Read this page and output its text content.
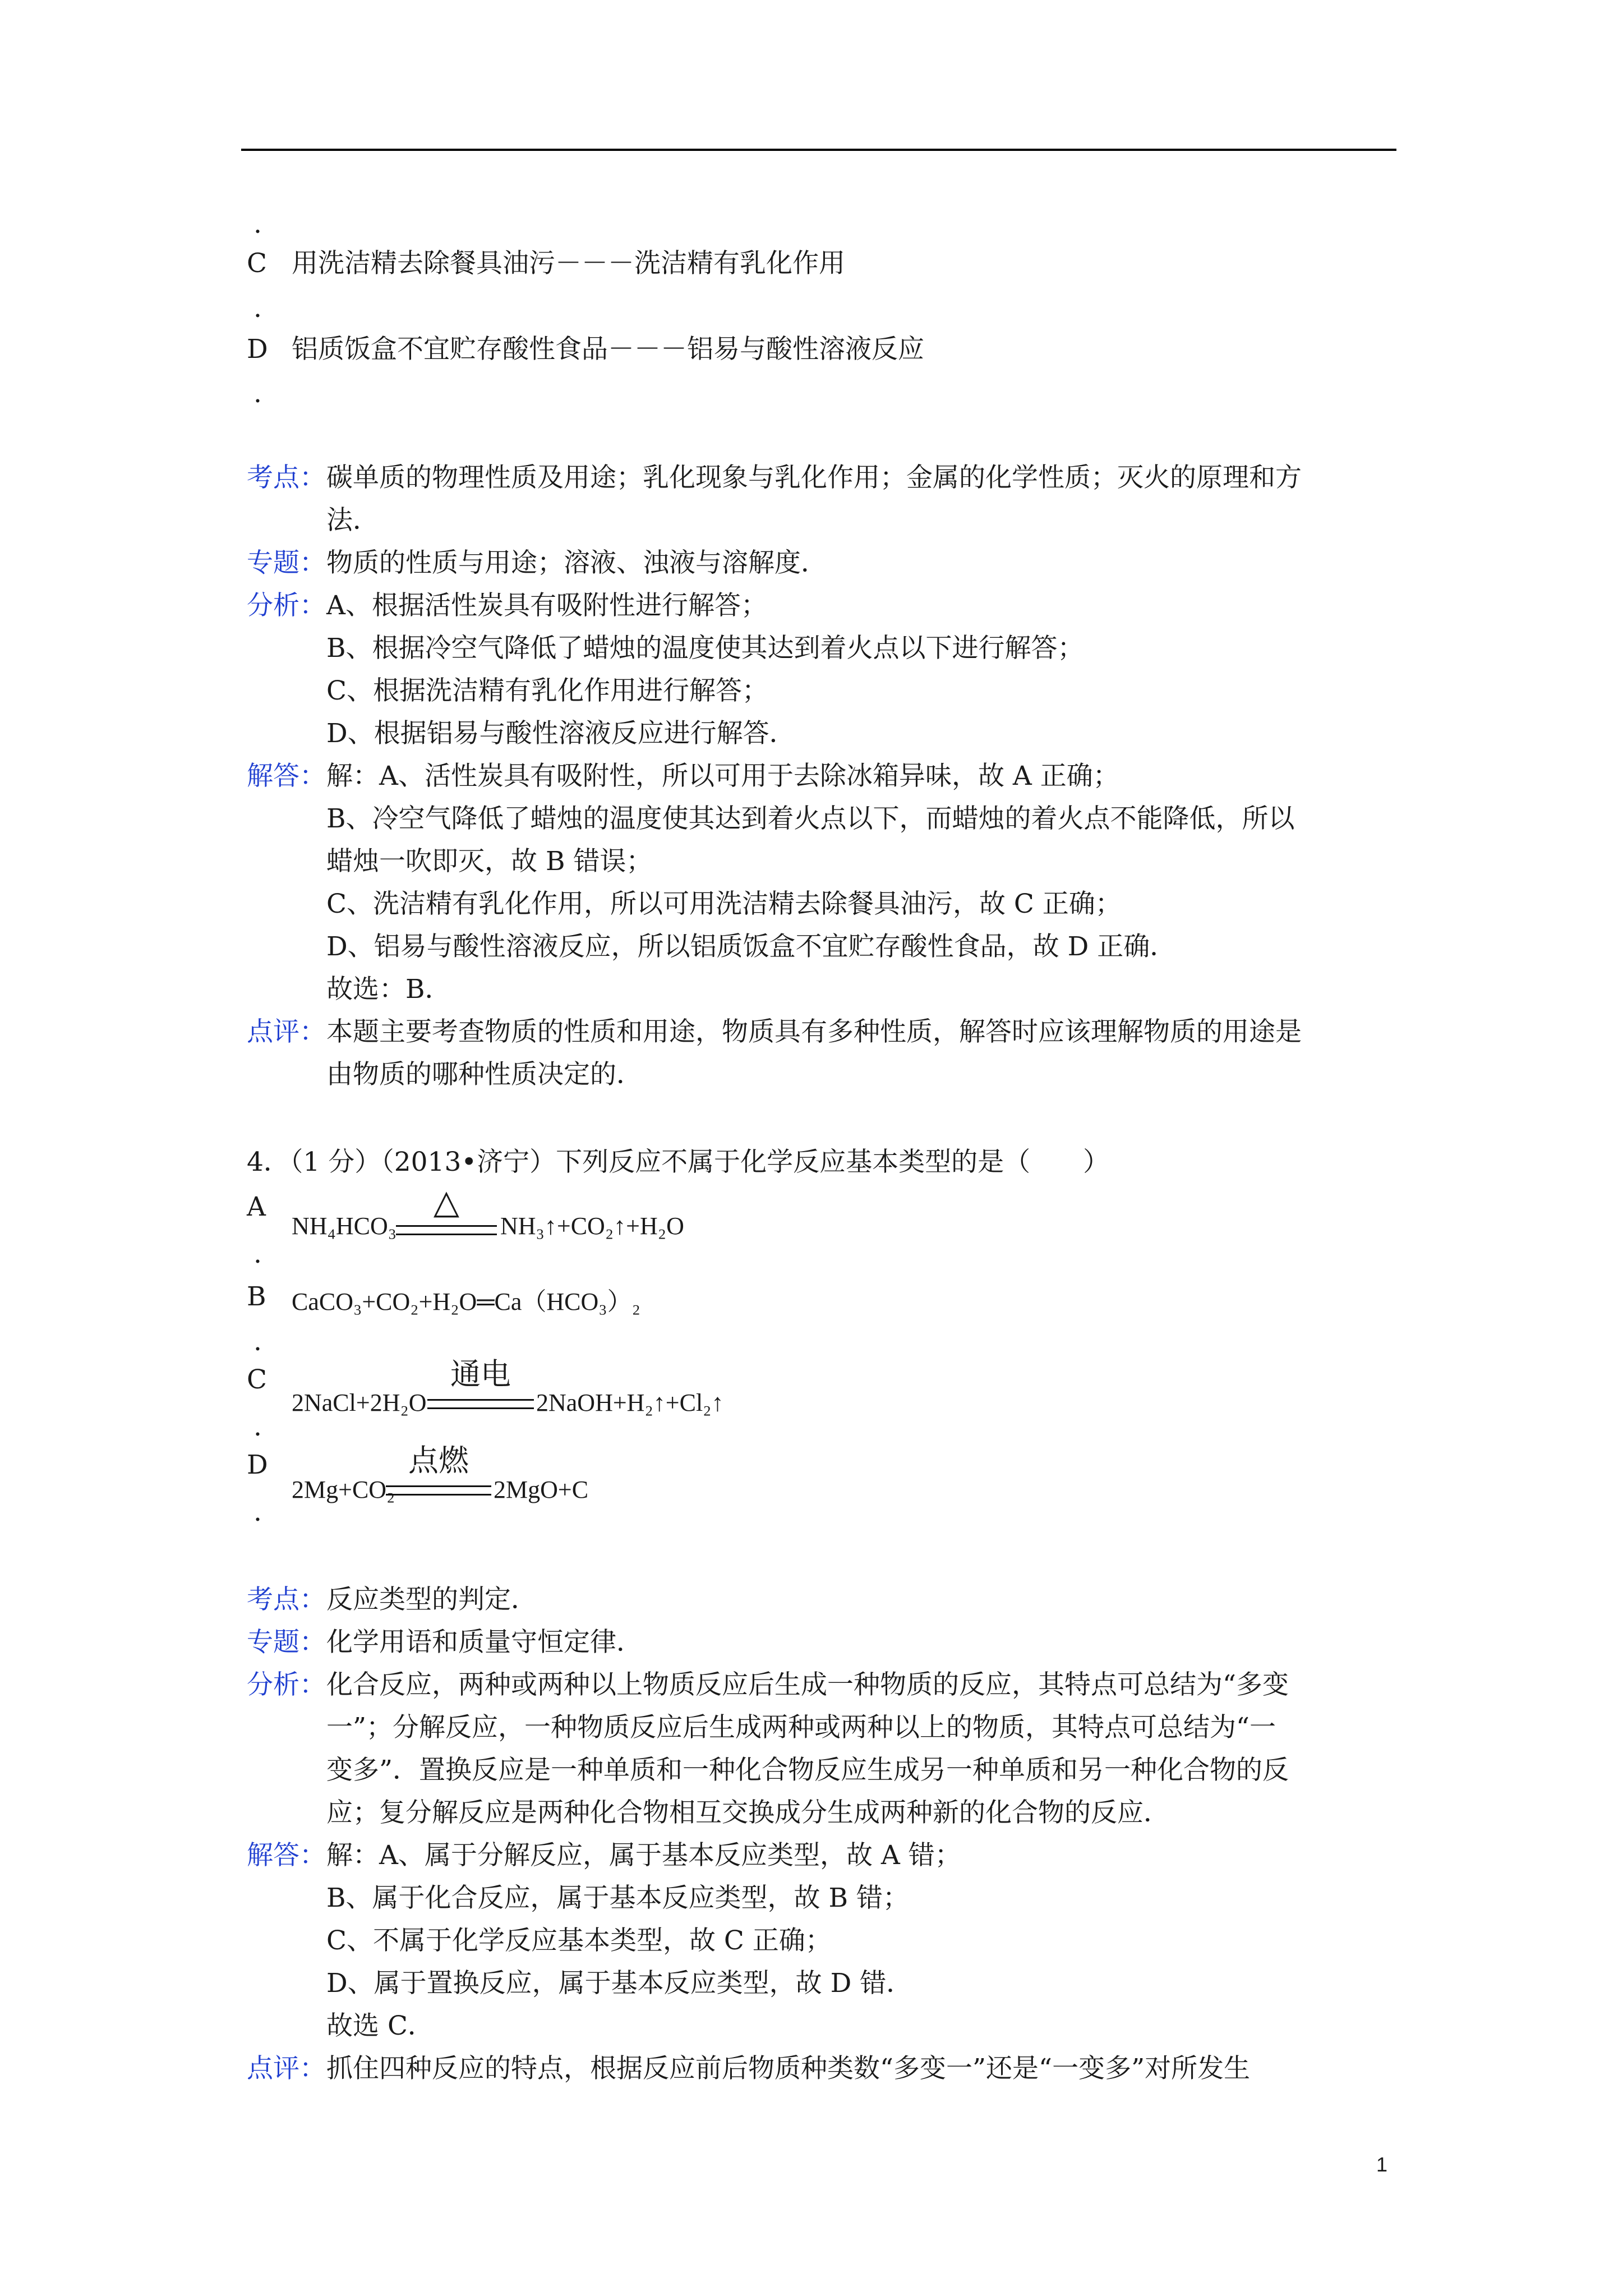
.
C 用洗洁精去除餐具油污－－－洗洁精有乳化作用
.
D 铝质饭盒不宜贮存酸性食品－－－铝易与酸性溶液反应
.
考点： 碳单质的物理性质及用途；乳化现象与乳化作用；金属的化学性质；灭火的原理和方
法．
专题： 物质的性质与用途；溶液、浊液与溶解度．
分析： A、根据活性炭具有吸附性进行解答；
B、根据冷空气降低了蜡烛的温度使其达到着火点以下进行解答；
C、根据洗洁精有乳化作用进行解答；
D、根据铝易与酸性溶液反应进行解答．
解答： 解：A、活性炭具有吸附性，所以可用于去除冰箱异味，故 A 正确；
B、冷空气降低了蜡烛的温度使其达到着火点以下，而蜡烛的着火点不能降低，所以
蜡烛一吹即灭，故 B 错误；
C、洗洁精有乳化作用，所以可用洗洁精去除餐具油污，故 C 正确；
D、铝易与酸性溶液反应，所以铝质饭盒不宜贮存酸性食品，故 D 正确．
故选：B．
点评： 本题主要考查物质的性质和用途，物质具有多种性质，解答时应该理解物质的用途是
由物质的哪种性质决定的．
4．（1 分）（2013•济宁）下列反应不属于化学反应基本类型的是（　　）
A
NH₄HCO₃
△
NH₃↑+CO₂↑+H₂O
.
B CaCO₃+CO₂+H₂O═Ca（HCO₃）₂
.
C
2NaCl+2H₂O
通电
2NaOH+H₂↑+Cl₂↑
.
D
2Mg+CO₂
点燃
2MgO+C
.
考点： 反应类型的判定．
专题： 化学用语和质量守恒定律．
分析： 化合反应，两种或两种以上物质反应后生成一种物质的反应，其特点可总结为“多变
一”；分解反应，一种物质反应后生成两种或两种以上的物质，其特点可总结为“一
变多”．置换反应是一种单质和一种化合物反应生成另一种单质和另一种化合物的反
应；复分解反应是两种化合物相互交换成分生成两种新的化合物的反应．
解答： 解：A、属于分解反应，属于基本反应类型，故 A 错；
B、属于化合反应，属于基本反应类型，故 B 错；
C、不属于化学反应基本类型，故 C 正确；
D、属于置换反应，属于基本反应类型，故 D 错．
故选 C．
点评： 抓住四种反应的特点，根据反应前后物质种类数“多变一”还是“一变多”对所发生
1
